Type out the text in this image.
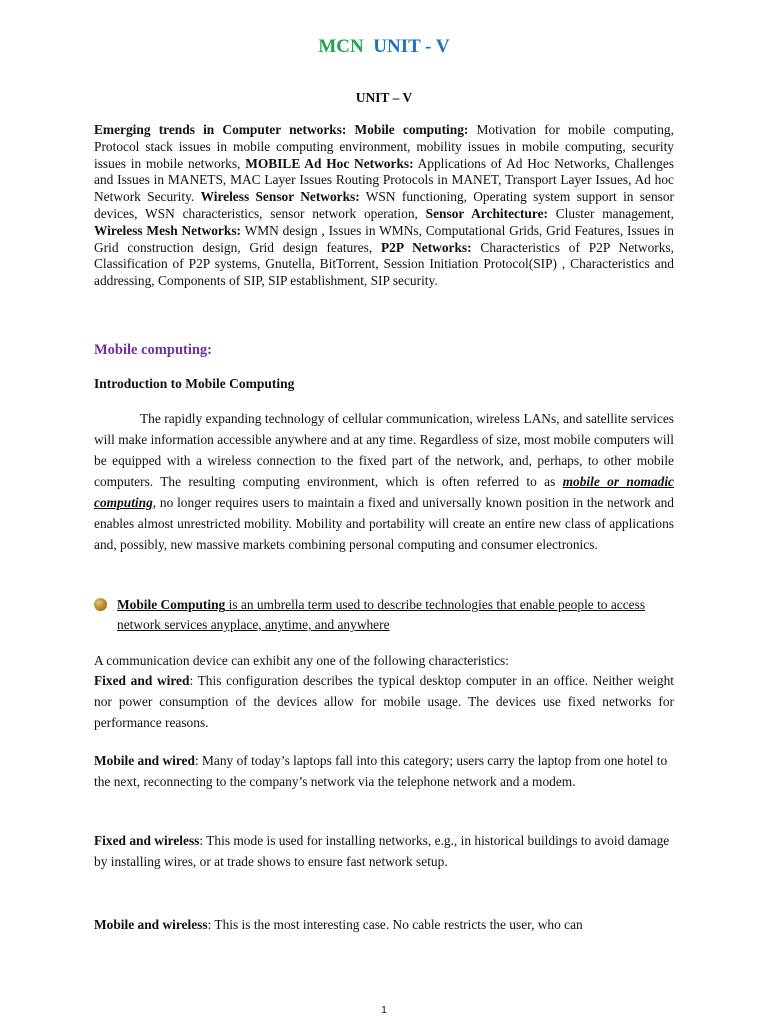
MCN UNIT - V
UNIT – V
Emerging trends in Computer networks: Mobile computing: Motivation for mobile computing, Protocol stack issues in mobile computing environment, mobility issues in mobile computing, security issues in mobile networks, MOBILE Ad Hoc Networks: Applications of Ad Hoc Networks, Challenges and Issues in MANETS, MAC Layer Issues Routing Protocols in MANET, Transport Layer Issues, Ad hoc Network Security. Wireless Sensor Networks: WSN functioning, Operating system support in sensor devices, WSN characteristics, sensor network operation, Sensor Architecture: Cluster management, Wireless Mesh Networks: WMN design , Issues in WMNs, Computational Grids, Grid Features, Issues in Grid construction design, Grid design features, P2P Networks: Characteristics of P2P Networks, Classification of P2P systems, Gnutella, BitTorrent, Session Initiation Protocol(SIP) , Characteristics and addressing, Components of SIP, SIP establishment, SIP security.
Mobile computing:
Introduction to Mobile Computing
The rapidly expanding technology of cellular communication, wireless LANs, and satellite services will make information accessible anywhere and at any time. Regardless of size, most mobile computers will be equipped with a wireless connection to the fixed part of the network, and, perhaps, to other mobile computers. The resulting computing environment, which is often referred to as mobile or nomadic computing, no longer requires users to maintain a fixed and universally known position in the network and enables almost unrestricted mobility. Mobility and portability will create an entire new class of applications and, possibly, new massive markets combining personal computing and consumer electronics.
Mobile Computing is an umbrella term used to describe technologies that enable people to access network services anyplace, anytime, and anywhere
A communication device can exhibit any one of the following characteristics:
Fixed and wired: This configuration describes the typical desktop computer in an office. Neither weight nor power consumption of the devices allow for mobile usage. The devices use fixed networks for performance reasons.
Mobile and wired: Many of today’s laptops fall into this category; users carry the laptop from one hotel to the next, reconnecting to the company’s network via the telephone network and a modem.
Fixed and wireless: This mode is used for installing networks, e.g., in historical buildings to avoid damage by installing wires, or at trade shows to ensure fast network setup.
Mobile and wireless: This is the most interesting case. No cable restricts the user, who can
1
